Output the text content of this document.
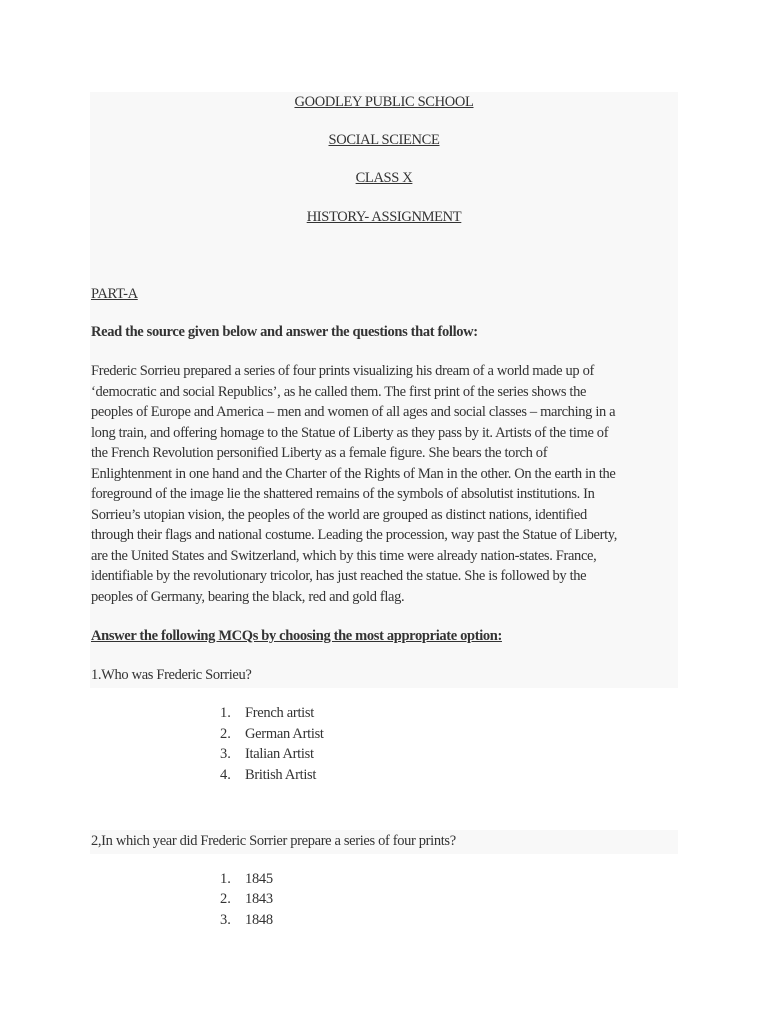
GOODLEY PUBLIC SCHOOL
SOCIAL SCIENCE
CLASS X
HISTORY- ASSIGNMENT
PART-A
Read the source given below and answer the questions that follow:
Frederic Sorrieu prepared a series of four prints visualizing his dream of a world made up of
‘democratic and social Republics’, as he called them. The first print of the series shows the
peoples of Europe and America – men and women of all ages and social classes – marching in a
long train, and offering homage to the Statue of Liberty as they pass by it. Artists of the time of
the French Revolution personified Liberty as a female figure. She bears the torch of
Enlightenment in one hand and the Charter of the Rights of Man in the other. On the earth in the
foreground of the image lie the shattered remains of the symbols of absolutist institutions. In
Sorrieu’s utopian vision, the peoples of the world are grouped as distinct nations, identified
through their flags and national costume. Leading the procession, way past the Statue of Liberty,
are the United States and Switzerland, which by this time were already nation-states. France,
identifiable by the revolutionary tricolor, has just reached the statue. She is followed by the
peoples of Germany, bearing the black, red and gold flag.
Answer the following MCQs by choosing the most appropriate option:
1.Who was Frederic Sorrieu?
1. French artist
2. German Artist
3. Italian Artist
4. British Artist
2,In which year did Frederic Sorrier prepare a series of four prints?
1. 1845
2. 1843
3. 1848
